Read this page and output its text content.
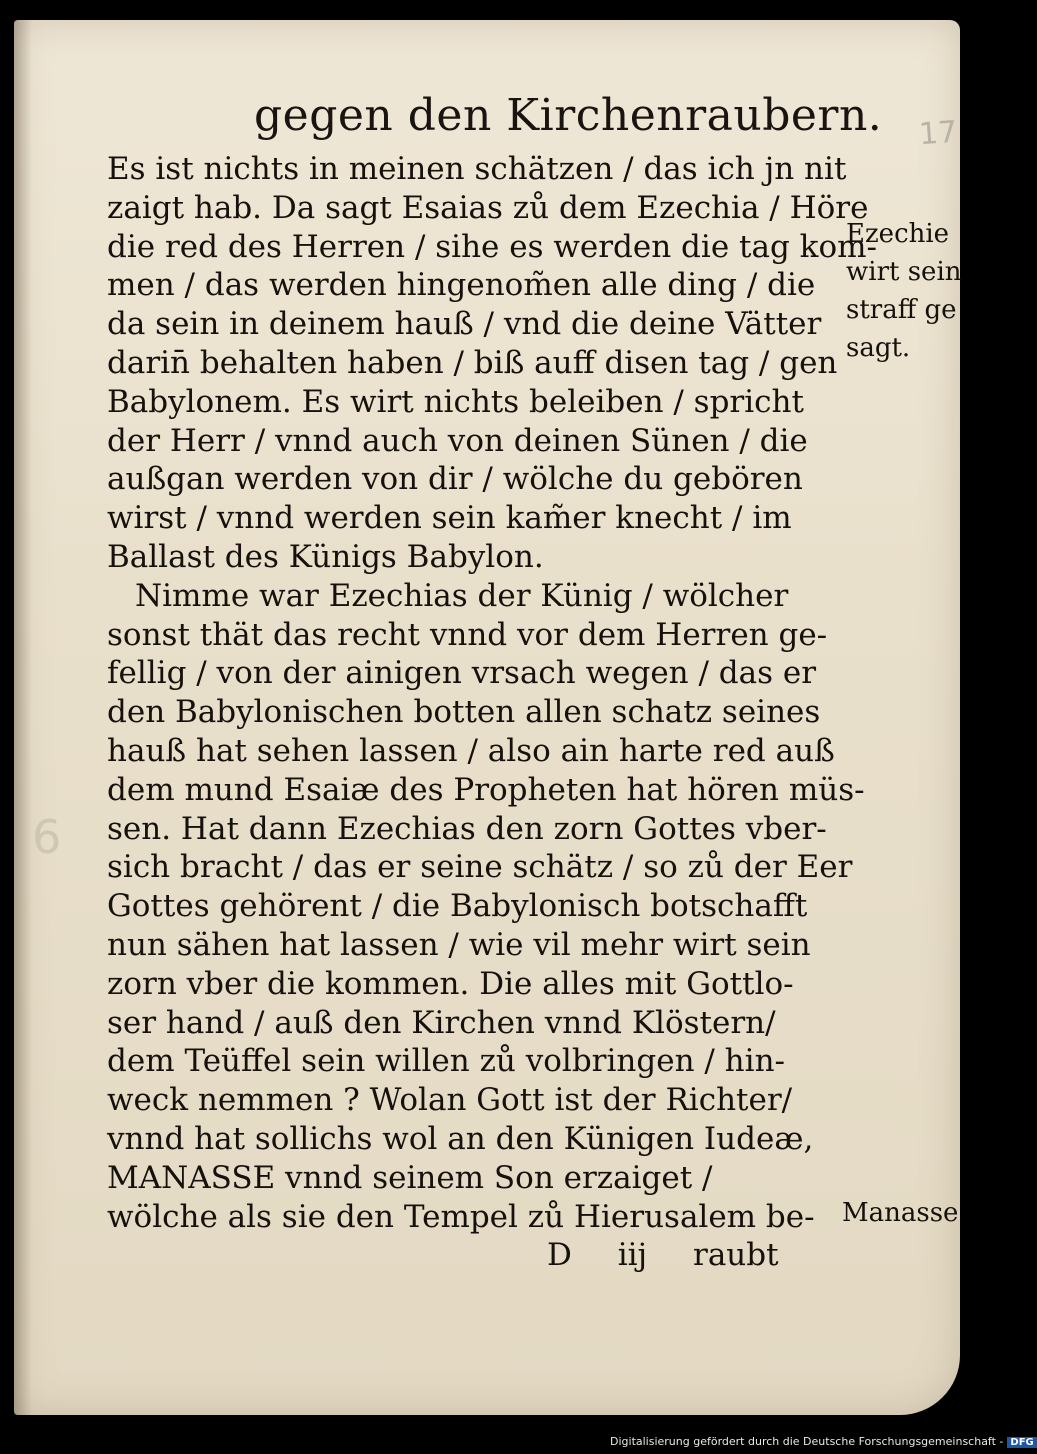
17
6
gegen den Kirchenraubern.
Es ist nichts in meinen schätzen / das ich jn nit
zaigt hab. Da sagt Esaias zů dem Ezechia / Höre
die red des Herren / sihe es werden die tag kom-
men / das werden hingenom̃en alle ding / die
da sein in deinem hauß / vnd die deine Vätter
darin̄ behalten haben / biß auff disen tag / gen
Babylonem. Es wirt nichts beleiben / spricht
der Herr / vnnd auch von deinen Sünen / die
außgan werden von dir / wölche du gebören
wirst / vnnd werden sein kam̃er knecht / im
Ballast des Künigs Babylon.
Nimme war Ezechias der Künig / wölcher
sonst thät das recht vnnd vor dem Herren ge-
fellig / von der ainigen vrsach wegen / das er
den Babylonischen botten allen schatz seines
hauß hat sehen lassen / also ain harte red auß
dem mund Esaiæ des Propheten hat hören müs-
sen. Hat dann Ezechias den zorn Gottes vber-
sich bracht / das er seine schätz / so zů der Eer
Gottes gehörent / die Babylonisch botschafft
nun sähen hat lassen / wie vil mehr wirt sein
zorn vber die kommen. Die alles mit Gottlo-
ser hand / auß den Kirchen vnnd Klöstern/
dem Teüffel sein willen zů volbringen / hin-
weck nemmen ? Wolan Gott ist der Richter/
vnnd hat sollichs wol an den Künigen Iudeæ,
MANASSE vnnd seinem Son erzaiget /
wölche als sie den Tempel zů Hierusalem be-
D iij raubt
Ezechie
wirt sein
straff ge
sagt.
Manasse
Digitalisierung gefördert durch die Deutsche Forschungsgemeinschaft - DFG
